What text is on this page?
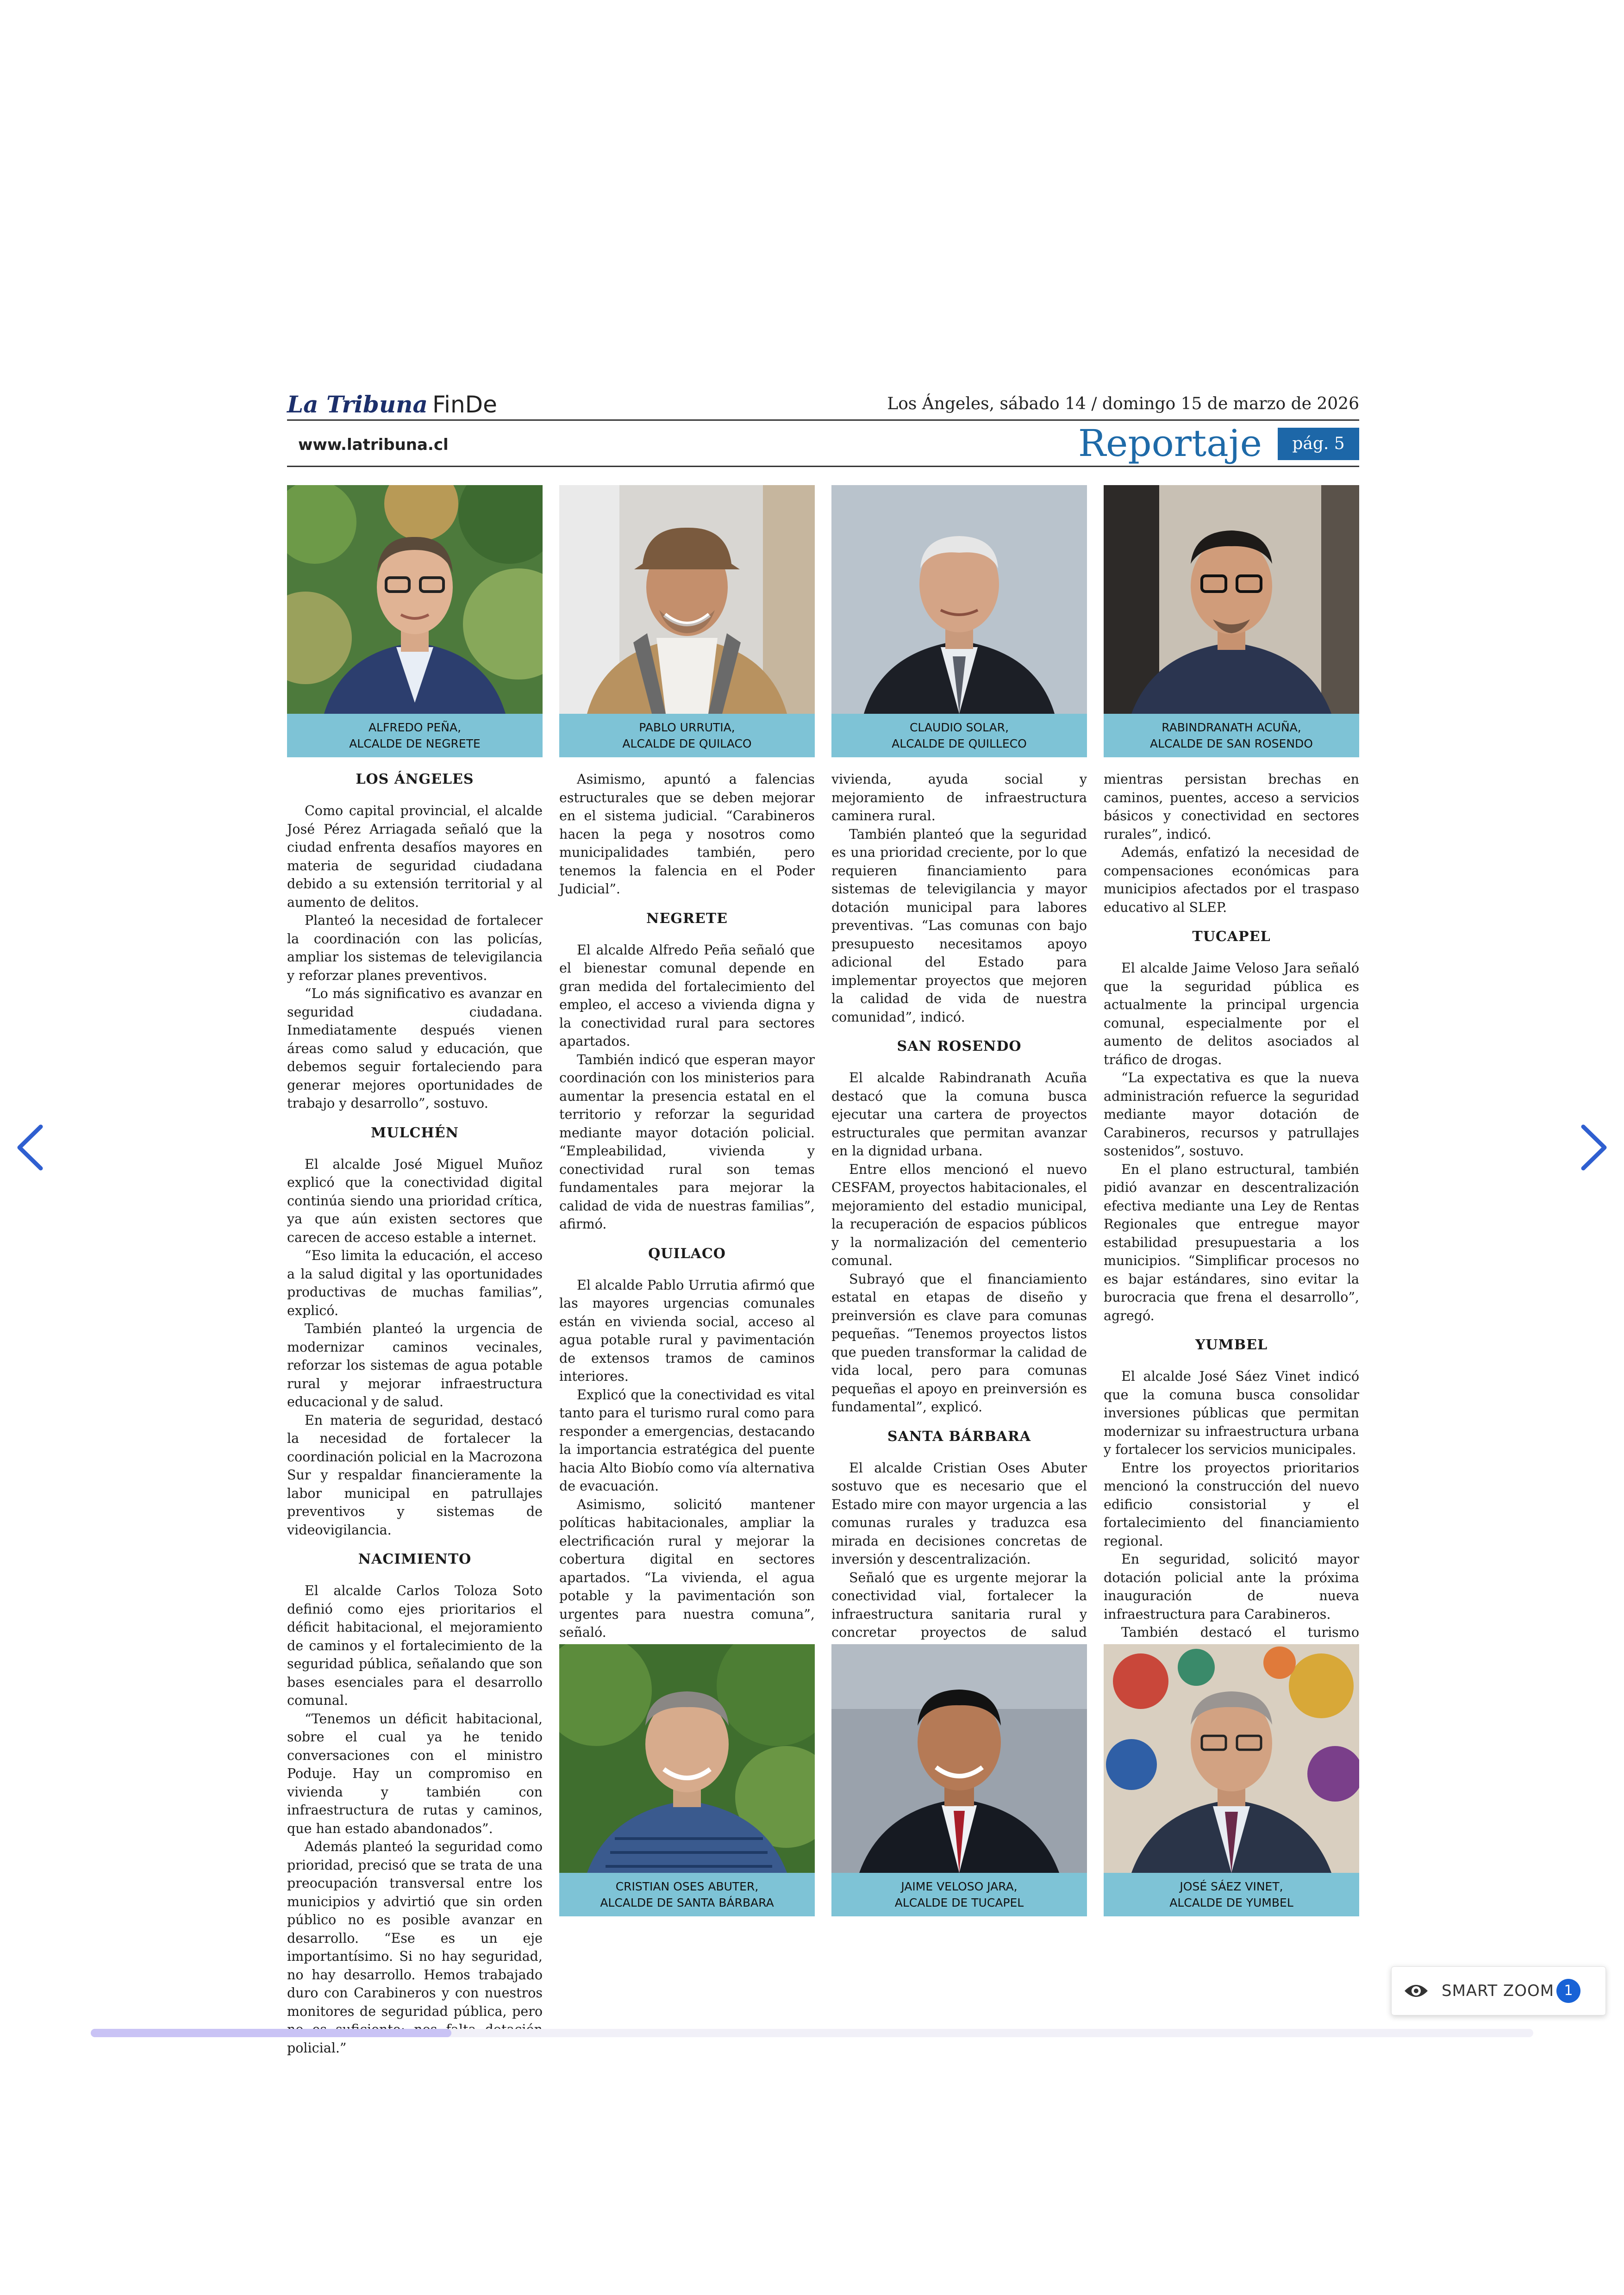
La Tribuna FinDe	Los Ángeles, sábado 14 / domingo 15 de marzo de 2026
www.latribuna.cl	Reportaje	pág. 5
ALFREDO PEÑA,
ALCALDE DE NEGRETE
PABLO URRUTIA,
ALCALDE DE QUILACO
CLAUDIO SOLAR,
ALCALDE DE QUILLECO
RABINDRANATH ACUÑA,
ALCALDE DE SAN ROSENDO
LOS ÁNGELES

Como capital provincial, el alcalde José Pérez Arriagada señaló que la ciudad enfrenta desafíos mayores en materia de seguridad ciudadana debido a su extensión territorial y al aumento de delitos.

Planteó la necesidad de fortalecer la coordinación con las policías, ampliar los sistemas de televigilancia y reforzar planes preventivos.

“Lo más significativo es avanzar en seguridad ciudadana. Inmediatamente después vienen áreas como salud y educación, que debemos seguir fortaleciendo para generar mejores oportunidades de trabajo y desarrollo”, sostuvo.

MULCHÉN

El alcalde José Miguel Muñoz explicó que la conectividad digital continúa siendo una prioridad crítica, ya que aún existen sectores que carecen de acceso estable a internet.

“Eso limita la educación, el acceso a la salud digital y las oportunidades productivas de muchas familias”, explicó.

También planteó la urgencia de modernizar caminos vecinales, reforzar los sistemas de agua potable rural y mejorar infraestructura educacional y de salud.

En materia de seguridad, destacó la necesidad de fortalecer la coordinación policial en la Macrozona Sur y respaldar financieramente la labor municipal en patrullajes preventivos y sistemas de videovigilancia.

NACIMIENTO

El alcalde Carlos Toloza Soto definió como ejes prioritarios el déficit habitacional, el mejoramiento de caminos y el fortalecimiento de la seguridad pública, señalando que son bases esenciales para el desarrollo comunal.

“Tenemos un déficit habitacional, sobre el cual ya he tenido conversaciones con el ministro Poduje. Hay un compromiso en vivienda y también con infraestructura de rutas y caminos, que han estado abandonados”.

Además planteó la seguridad como prioridad, precisó que se trata de una preocupación transversal entre los municipios y advirtió que sin orden público no es posible avanzar en desarrollo. “Ese es un eje importantísimo. Si no hay seguridad, no hay desarrollo. Hemos trabajado duro con Carabineros y con nuestros monitores de seguridad pública, pero policial.”

Asimismo, apuntó a falencias estructurales que se deben mejorar en el sistema judicial. “Carabineros hacen la pega y nosotros como municipalidades también, pero tenemos la falencia en el Poder Judicial”.

NEGRETE

El alcalde Alfredo Peña señaló que el bienestar comunal depende en gran medida del fortalecimiento del empleo, el acceso a vivienda digna y la conectividad rural para sectores apartados.

También indicó que esperan mayor coordinación con los ministerios para aumentar la presencia estatal en el territorio y reforzar la seguridad mediante mayor dotación policial. “Empleabilidad, vivienda y conectividad rural son temas fundamentales para mejorar la calidad de vida de nuestras familias”, afirmó.

QUILACO

El alcalde Pablo Urrutia afirmó que las mayores urgencias comunales están en vivienda social, acceso al agua potable rural y pavimentación de extensos tramos de caminos interiores.

Explicó que la conectividad es vital tanto para el turismo rural como para responder a emergencias, destacando la importancia estratégica del puente hacia Alto Biobío como vía alternativa de evacuación.

Asimismo, solicitó mantener políticas habitacionales, ampliar la electrificación rural y mejorar la cobertura digital en sectores apartados. “La vivienda, el agua potable y la pavimentación son urgentes para nuestra comuna”, señaló.

vivienda, ayuda social y mejoramiento de infraestructura caminera rural.

También planteó que la seguridad es una prioridad creciente, por lo que requieren financiamiento para sistemas de televigilancia y mayor dotación municipal para labores preventivas. “Las comunas con bajo presupuesto necesitamos apoyo adicional del Estado para implementar proyectos que mejoren la calidad de vida de nuestra comunidad”, indicó.

SAN ROSENDO

El alcalde Rabindranath Acuña destacó que la comuna busca ejecutar una cartera de proyectos estructurales que permitan avanzar en la dignidad urbana.

Entre ellos mencionó el nuevo CESFAM, proyectos habitacionales, el mejoramiento del estadio municipal, la recuperación de espacios públicos y la normalización del cementerio comunal.

Subrayó que el financiamiento estatal en etapas de diseño y preinversión es clave para comunas pequeñas. “Tenemos proyectos listos que pueden transformar la calidad de vida local, pero para comunas pequeñas el apoyo en preinversión es fundamental”, explicó.

SANTA BÁRBARA

El alcalde Cristian Oses Abuter sostuvo que es necesario que el Estado mire con mayor urgencia a las comunas rurales y traduzca esa mirada en decisiones concretas de inversión y descentralización.

Señaló que es urgente mejorar la conectividad vial, fortalecer la infraestructura sanitaria rural y concretar proyectos de salud

mientras persistan brechas en caminos, puentes, acceso a servicios básicos y conectividad en sectores rurales”, indicó.

Además, enfatizó la necesidad de compensaciones económicas para municipios afectados por el traspaso educativo al SLEP.

TUCAPEL

El alcalde Jaime Veloso Jara señaló que la seguridad pública es actualmente la principal urgencia comunal, especialmente por el aumento de delitos asociados al tráfico de drogas.

“La expectativa es que la nueva administración refuerce la seguridad mediante mayor dotación de Carabineros, recursos y patrullajes sostenidos”, sostuvo.

En el plano estructural, también pidió avanzar en descentralización efectiva mediante una Ley de Rentas Regionales que entregue mayor estabilidad presupuestaria a los municipios. “Simplificar procesos no es bajar estándares, sino evitar la burocracia que frena el desarrollo”, agregó.

YUMBEL

El alcalde José Sáez Vinet indicó que la comuna busca consolidar inversiones públicas que permitan modernizar su infraestructura urbana y fortalecer los servicios municipales.

Entre los proyectos prioritarios mencionó la construcción del nuevo edificio consistorial y el fortalecimiento del financiamiento regional.

En seguridad, solicitó mayor dotación policial ante la próxima inauguración de nueva infraestructura para Carabineros.

También destacó el turismo

CRISTIAN OSES ABUTER,
ALCALDE DE SANTA BÁRBARA
JAIME VELOSO JARA,
ALCALDE DE TUCAPEL
JOSÉ SÁEZ VINET,
ALCALDE DE YUMBEL
SMART ZOOM 1
